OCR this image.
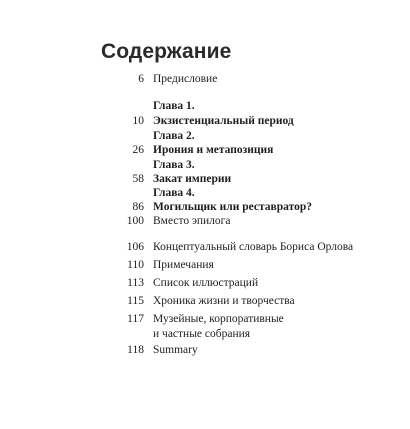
Содержание
6 Предисловие
Глава 1.
10 Экзистенциальный период
Глава 2.
26 Ирония и метапозиция
Глава 3.
58 Закат империи
Глава 4.
86 Могильщик или реставратор?
100 Вместо эпилога
106 Концептуальный словарь Бориса Орлова
110 Примечания
113 Список иллюстраций
115 Хроника жизни и творчества
117 Музейные, корпоративные
и частные собрания
118 Summary
